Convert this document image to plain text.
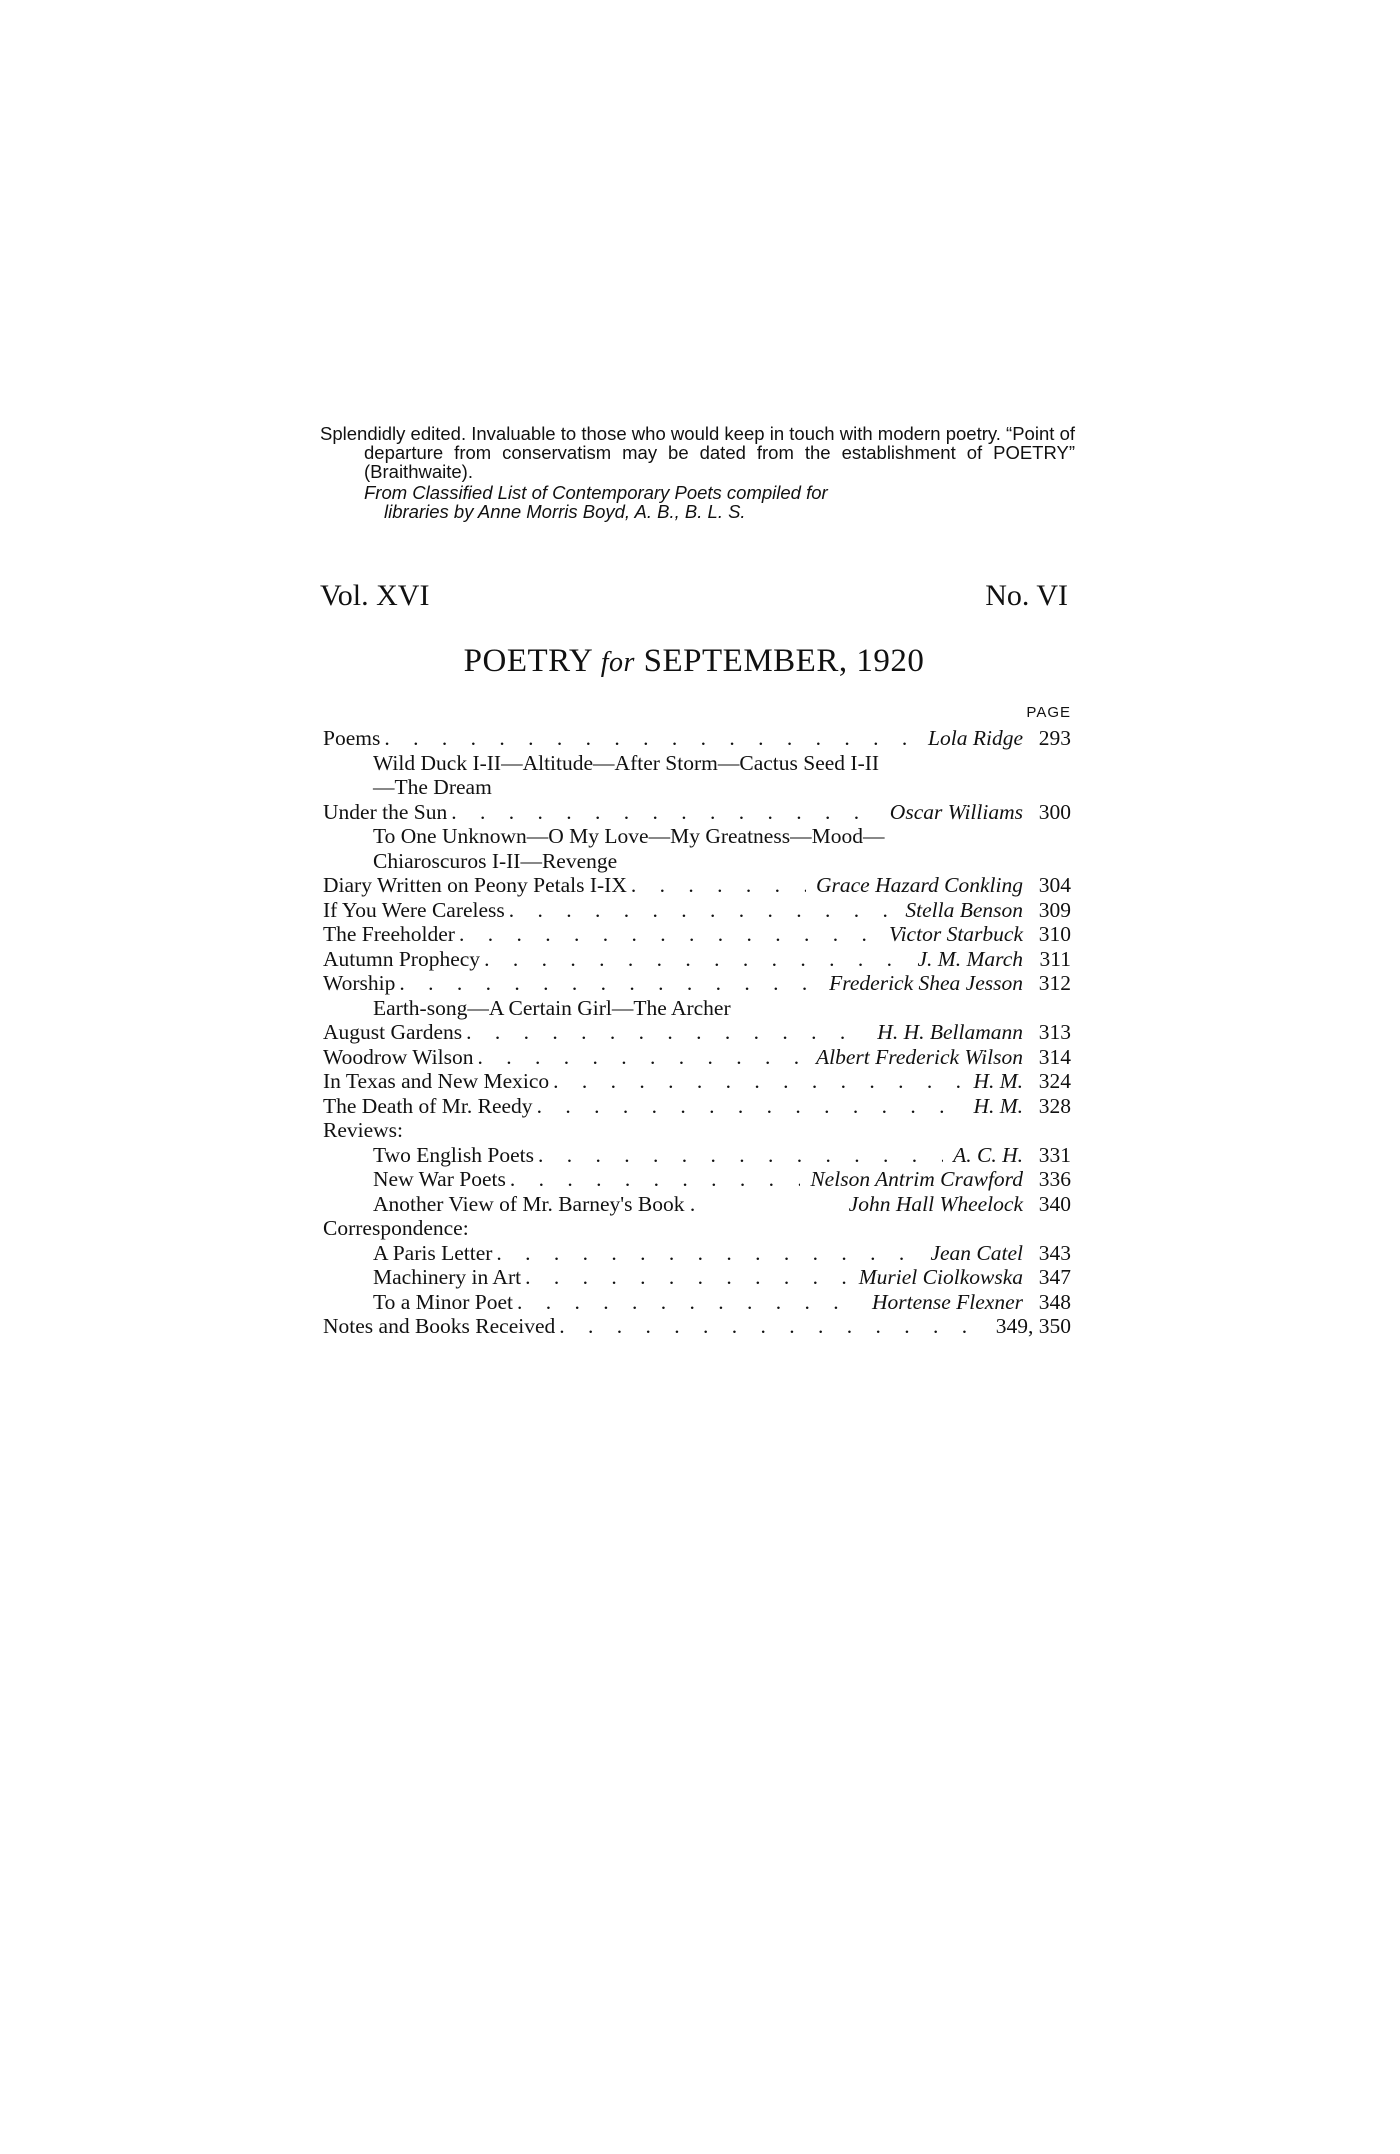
Splendidly edited. Invaluable to those who would keep in touch with modern poetry. “Point of departure from conservatism may be dated from the establishment of POETRY” (Braithwaite).

From Classified List of Contemporary Poets compiled for

libraries by Anne Morris Boyd, A. B., B. L. S.

Vol. XVI	No. VI
POETRY for SEPTEMBER, 1920
PAGE
Poems . . .	Lola Ridge 293
Wild Duck I-II—Altitude—After Storm—Cactus Seed I-II
—The Dream
Under the Sun . . .	Oscar Williams 300
To One Unknown—O My Love—My Greatness—Mood—
Chiaroscuros I-II—Revenge
Diary Written on Peony Petals I-IX . . .	Grace Hazard Conkling 304
If You Were Careless . . .	Stella Benson 309
The Freeholder . . .	Victor Starbuck 310
Autumn Prophecy . . .	J. M. March 311
Worship . . .	Frederick Shea Jesson 312
Earth-song—A Certain Girl—The Archer
August Gardens . . .	H. H. Bellamann 313
Woodrow Wilson . . .	Albert Frederick Wilson 314
In Texas and New Mexico . . .	H. M. 324
The Death of Mr. Reedy . . .	H. M. 328
Reviews:
Two English Poets . . .	A. C. H. 331
New War Poets . . .	Nelson Antrim Crawford 336
Another View of Mr. Barney's Book .	John Hall Wheelock 340
Correspondence:
A Paris Letter . . .	Jean Catel 343
Machinery in Art . . .	Muriel Ciolkowska 347
To a Minor Poet . . .	Hortense Flexner 348
Notes and Books Received . . .	349, 350
